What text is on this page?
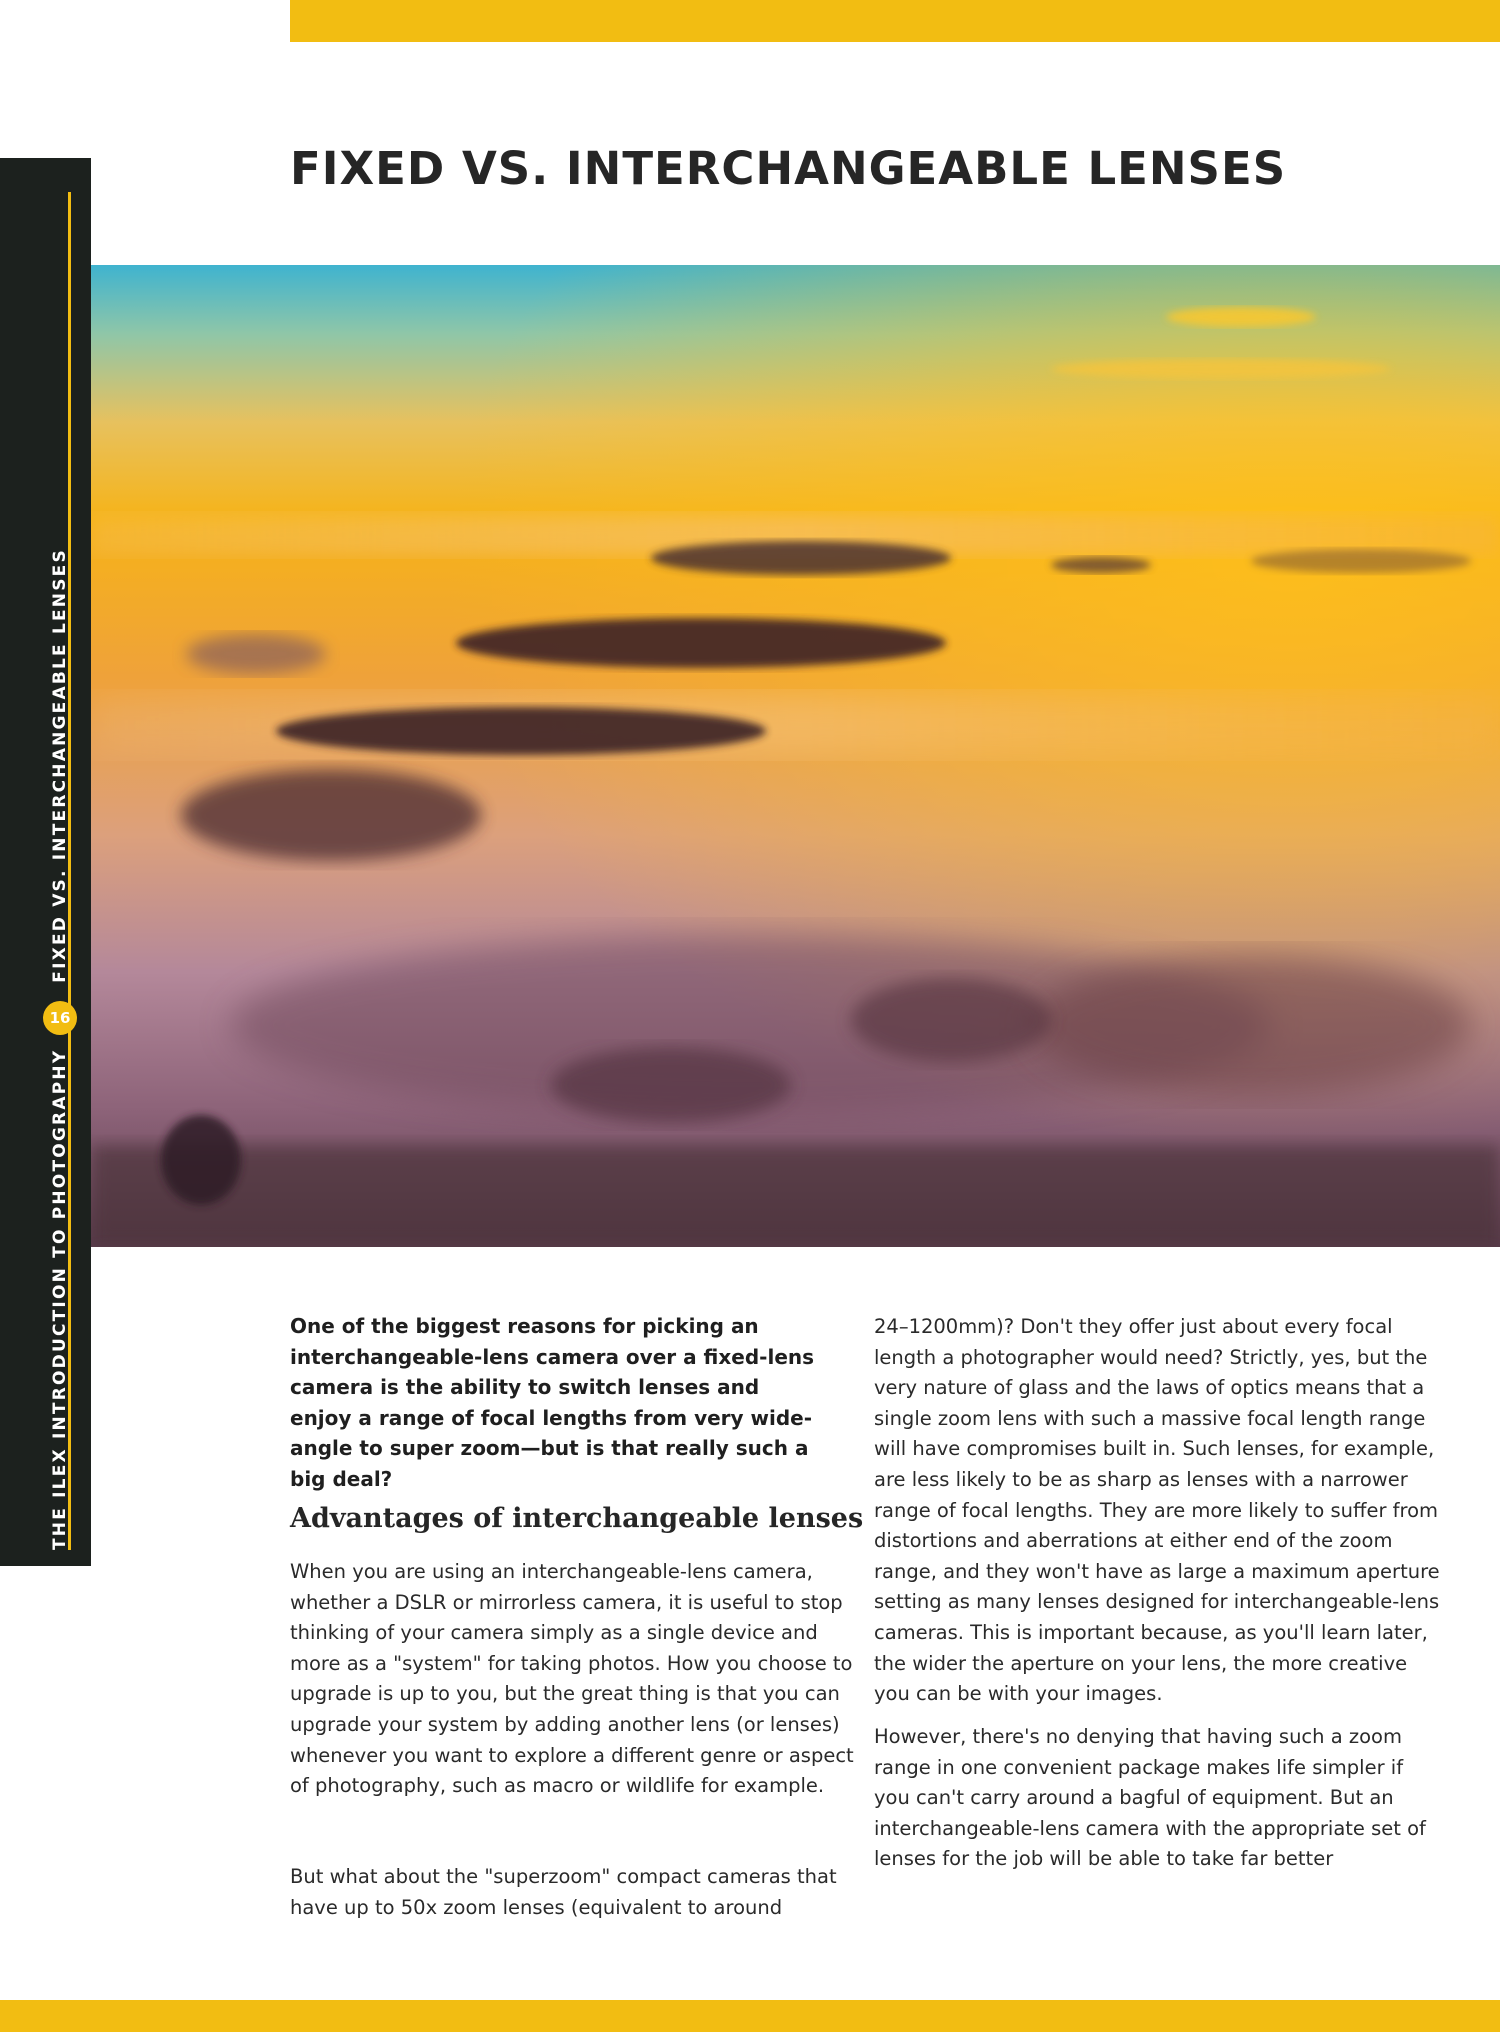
THE ILEX INTRODUCTION TO PHOTOGRAPHY
16
FIXED VS. INTERCHANGEABLE LENSES
FIXED VS. INTERCHANGEABLE LENSES

One of the biggest reasons for picking an interchangeable-lens camera over a fixed-lens camera is the ability to switch lenses and enjoy a range of focal lengths from very wide-angle to super zoom—but is that really such a big deal?

Advantages of interchangeable lenses

When you are using an interchangeable-lens camera, whether a DSLR or mirrorless camera, it is useful to stop thinking of your camera simply as a single device and more as a "system" for taking photos. How you choose to upgrade is up to you, but the great thing is that you can upgrade your system by adding another lens (or lenses) whenever you want to explore a different genre or aspect of photography, such as macro or wildlife for example.

But what about the "superzoom" compact cameras that have up to 50x zoom lenses (equivalent to around

24–1200mm)? Don't they offer just about every focal length a photographer would need? Strictly, yes, but the very nature of glass and the laws of optics means that a single zoom lens with such a massive focal length range will have compromises built in. Such lenses, for example, are less likely to be as sharp as lenses with a narrower range of focal lengths. They are more likely to suffer from distortions and aberrations at either end of the zoom range, and they won't have as large a maximum aperture setting as many lenses designed for interchangeable-lens cameras. This is important because, as you'll learn later, the wider the aperture on your lens, the more creative you can be with your images.

However, there's no denying that having such a zoom range in one convenient package makes life simpler if you can't carry around a bagful of equipment. But an interchangeable-lens camera with the appropriate set of lenses for the job will be able to take far better
